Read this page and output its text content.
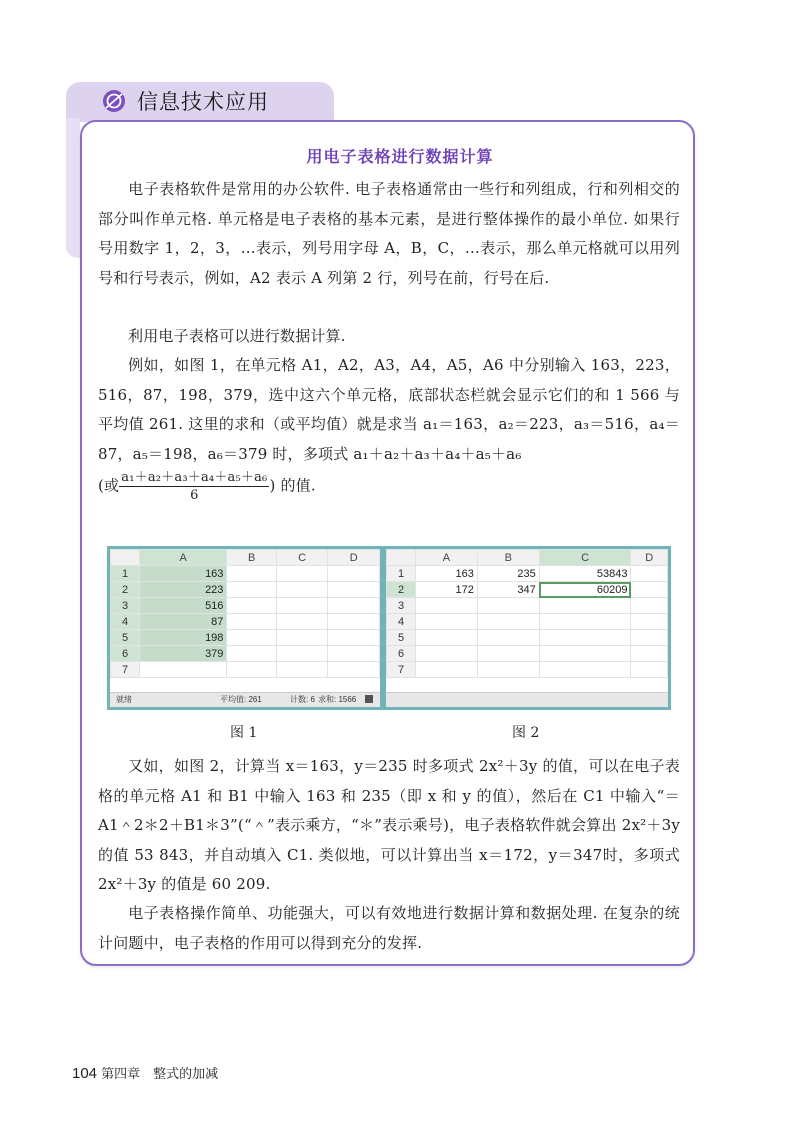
信息技术应用
用电子表格进行数据计算
电子表格软件是常用的办公软件. 电子表格通常由一些行和列组成，行和列相交的部分叫作单元格. 单元格是电子表格的基本元素，是进行整体操作的最小单位. 如果行号用数字 1，2，3，…表示，列号用字母 A，B，C，…表示，那么单元格就可以用列号和行号表示，例如，A2 表示 A 列第 2 行，列号在前，行号在后.
利用电子表格可以进行数据计算.
例如，如图 1，在单元格 A1，A2，A3，A4，A5，A6 中分别输入 163，223，516，87，198，379，选中这六个单元格，底部状态栏就会显示它们的和 1 566 与平均值 261. 这里的求和（或平均值）就是求当 a₁＝163，a₂＝223，a₃＝516，a₄＝87，a₅＝198，a₆＝379 时，多项式 a₁＋a₂＋a₃＋a₄＋a₅＋a₆
(或 $\frac{\text{a₁＋a₂＋a₃＋a₄＋a₅＋a₆}}{6}$ ) 的值.
	A	B	C	D
1	163			
2	223			
3	516			
4	87			
5	198			
6	379			
7				
就绪	平均值: 261	计数: 6 求和: 1566
	A	B	C	D
1	163	235	53843	
2	172	347	60209	
3				
4				
5				
6				
7				
图 1	图 2
又如，如图 2，计算当 x＝163，y＝235 时多项式 2x²＋3y 的值，可以在电子表格的单元格 A1 和 B1 中输入 163 和 235（即 x 和 y 的值），然后在 C1 中输入“＝A1＾2＊2＋B1＊3”(“＾”表示乘方，“＊”表示乘号)，电子表格软件就会算出 2x²＋3y 的值 53 843，并自动填入 C1. 类似地，可以计算出当 x＝172，y＝347时，多项式 2x²＋3y 的值是 60 209.
电子表格操作简单、功能强大，可以有效地进行数据计算和数据处理. 在复杂的统计问题中，电子表格的作用可以得到充分的发挥.
104 第四章　整式的加减
